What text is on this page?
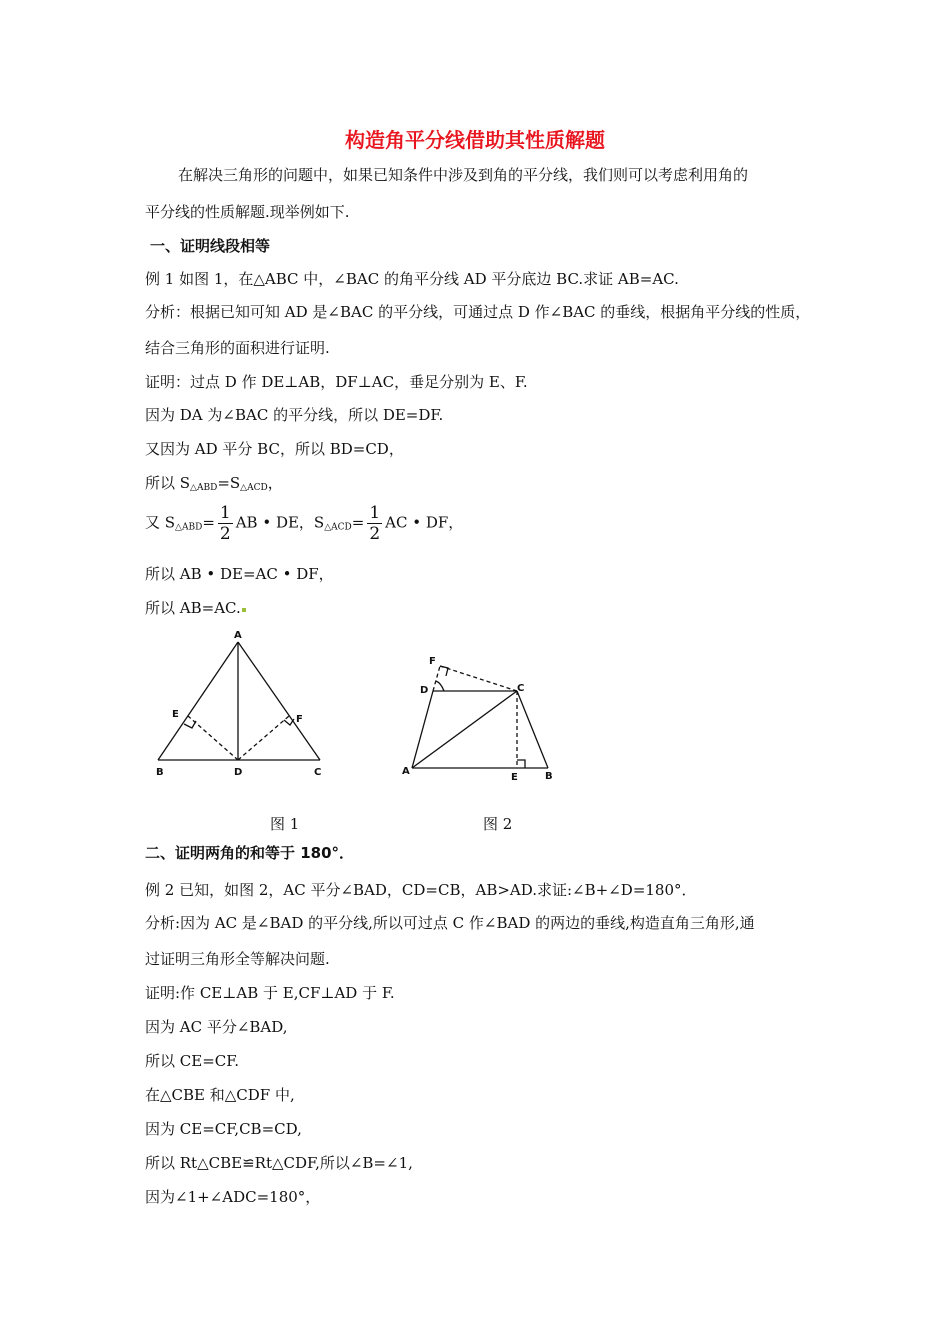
构造角平分线借助其性质解题
在解决三角形的问题中，如果已知条件中涉及到角的平分线，我们则可以考虑利用角的
平分线的性质解题.现举例如下.
一、证明线段相等
例 1 如图 1，在△ABC 中，∠BAC 的角平分线 AD 平分底边 BC.求证 AB=AC.
分析：根据已知可知 AD 是∠BAC 的平分线，可通过点 D 作∠BAC 的垂线，根据角平分线的性质，
结合三角形的面积进行证明.
证明：过点 D 作 DE⊥AB，DF⊥AC，垂足分别为 E、F.
因为 DA 为∠BAC 的平分线，所以 DE=DF.
又因为 AD 平分 BC，所以 BD=CD，
所以 $S_{\triangle ABD}=S_{\triangle ACD}$，
又 $S_{\triangle ABD}= \frac{1}{2}$ AB • DE，$S_{\triangle ACD}= \frac{1}{2}$ AC • DF，
所以 AB • DE=AC • DF，
所以 AB=AC.
A
B	C
D
E	F
A	B
C
D
E
F
图 1	图 2
二、证明两角的和等于 180°．
例 2 已知，如图 2，AC 平分∠BAD，CD=CB，AB>AD.求证:∠B+∠D=180°．
分析:因为 AC 是∠BAD 的平分线,所以可过点 C 作∠BAD 的两边的垂线,构造直角三角形,通
过证明三角形全等解决问题.
证明:作 CE⊥AB 于 E,CF⊥AD 于 F.
因为 AC 平分∠BAD,
所以 CE=CF.
在△CBE 和△CDF 中,
因为 CE=CF,CB=CD,
所以 Rt△CBE≌Rt△CDF,所以∠B=∠1,
因为∠1+∠ADC=180°，
